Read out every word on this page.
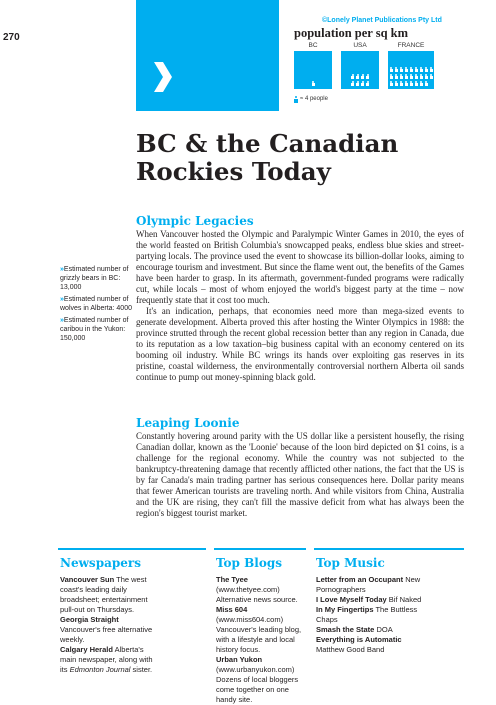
270
©Lonely Planet Publications Pty Ltd
population per sq km
BC	USA	FRANCE
≈ 4 people
BC & the Canadian Rockies Today
Olympic Legacies

When Vancouver hosted the Olympic and Paralympic Winter Games in 2010, the eyes of the world feasted on British Columbia's snowcapped peaks, endless blue skies and street-partying locals. The province used the event to showcase its billion-dollar looks, aiming to encourage tourism and investment. But since the flame went out, the benefits of the Games have been harder to grasp. In its aftermath, government-funded programs were radically cut, while locals – most of whom enjoyed the world's biggest party at the time – now frequently state that it cost too much.

It's an indication, perhaps, that economies need more than mega-sized events to generate development. Alberta proved this after hosting the Winter Olympics in 1988: the province strutted through the recent global recession better than any region in Canada, due to its reputation as a low taxation–big business capital with an economy centered on its booming oil industry. While BC wrings its hands over exploiting gas reserves in its pristine, coastal wilderness, the environmentally controversial northern Alberta oil sands continue to pump out money-spinning black gold.

»Estimated number of grizzly bears in BC: 13,000
»Estimated number of wolves in Alberta: 4000
»Estimated number of caribou in the Yukon: 150,000
Leaping Loonie

Constantly hovering around parity with the US dollar like a persistent housefly, the rising Canadian dollar, known as the 'Loonie' because of the loon bird depicted on $1 coins, is a challenge for the regional economy. While the country was not subjected to the bankruptcy-threatening damage that recently afflicted other nations, the fact that the US is by far Canada's main trading partner has serious consequences here. Dollar parity means that fewer American tourists are traveling north. And while visitors from China, Australia and the UK are rising, they can't fill the massive deficit from what has always been the region's biggest tourist market.

Newspapers	Top Blogs	Top Music

Vancouver Sun The west coast's leading daily broadsheet; entertainment pull-out on Thursdays.

Georgia Straight Vancouver's free alternative weekly.

Calgary Herald Alberta's main newspaper, along with its Edmonton Journal sister.

The Tyee (www.thetyee.com) Alternative news source.

Miss 604 (www.miss604.com) Vancouver's leading blog, with a lifestyle and local history focus.

Urban Yukon (www.urbanyukon.com) Dozens of local bloggers come together on one handy site.

Letter from an Occupant New Pornographers

I Love Myself Today Bif Naked

In My Fingertips The Buttless Chaps

Smash the State DOA

Everything is Automatic Matthew Good Band
